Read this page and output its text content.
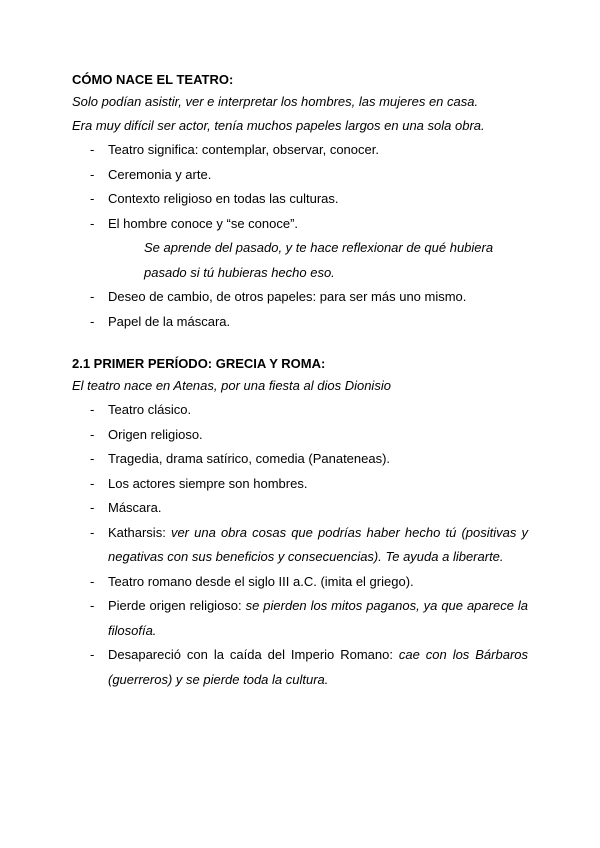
CÓMO NACE EL TEATRO:

Solo podían asistir, ver e interpretar los hombres, las mujeres en casa.

Era muy difícil ser actor, tenía muchos papeles largos en una sola obra.

- Teatro significa: contemplar, observar, conocer.
- Ceremonia y arte.
- Contexto religioso en todas las culturas.
- El hombre conoce y “se conoce”.

Se aprende del pasado, y te hace reflexionar de qué hubiera pasado si tú hubieras hecho eso.

- Deseo de cambio, de otros papeles: para ser más uno mismo.
- Papel de la máscara.

2.1 PRIMER PERÍODO: GRECIA Y ROMA:

El teatro nace en Atenas, por una fiesta al dios Dionisio

- Teatro clásico.
- Origen religioso.
- Tragedia, drama satírico, comedia (Panateneas).
- Los actores siempre son hombres.
- Máscara.
- Katharsis: ver una obra cosas que podrías haber hecho tú (positivas y negativas con sus beneficios y consecuencias). Te ayuda a liberarte.
- Teatro romano desde el siglo III a.C. (imita el griego).
- Pierde origen religioso: se pierden los mitos paganos, ya que aparece la filosofía.
- Desapareció con la caída del Imperio Romano: cae con los Bárbaros (guerreros) y se pierde toda la cultura.
